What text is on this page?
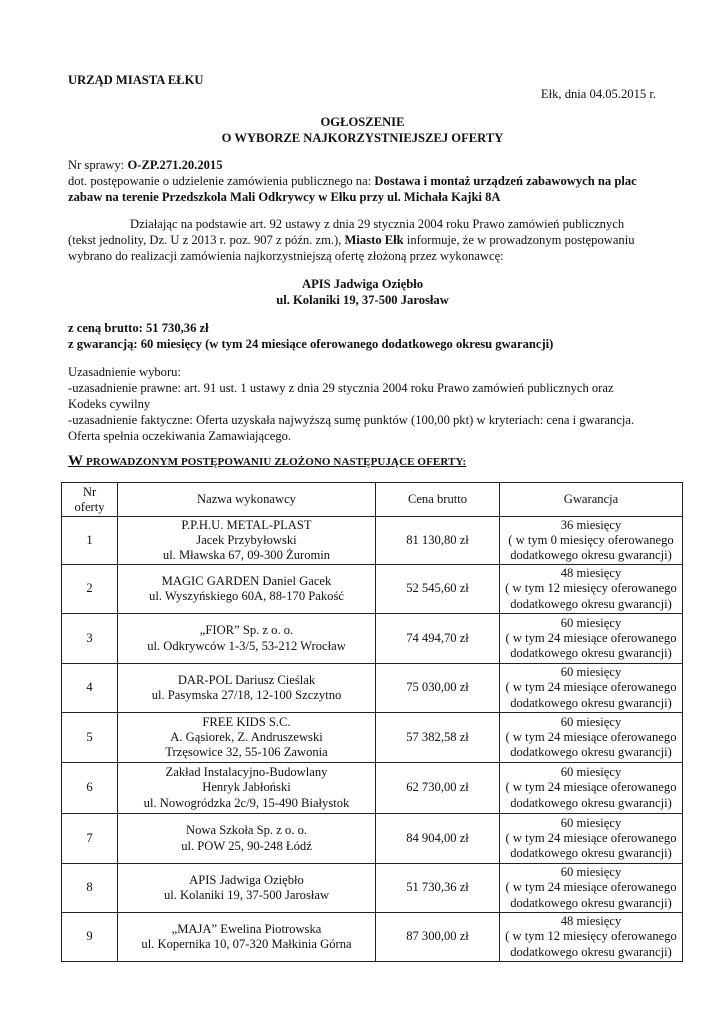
URZĄD MIASTA EŁKU
Ełk, dnia 04.05.2015 r.
OGŁOSZENIE
O WYBORZE NAJKORZYSTNIEJSZEJ OFERTY
Nr sprawy: O-ZP.271.20.2015
dot. postępowanie o udzielenie zamówienia publicznego na: Dostawa i montaż urządzeń zabawowych na plac
zabaw na terenie Przedszkola Mali Odkrywcy w Ełku przy ul. Michała Kajki 8A
Działając na podstawie art. 92 ustawy z dnia 29 stycznia 2004 roku Prawo zamówień publicznych
(tekst jednolity, Dz. U z 2013 r. poz. 907 z późn. zm.), Miasto Ełk informuje, że w prowadzonym postępowaniu
wybrano do realizacji zamówienia najkorzystniejszą ofertę złożoną przez wykonawcę:
APIS Jadwiga Oziębło
ul. Kolaniki 19, 37-500 Jarosław
z ceną brutto: 51 730,36 zł
z gwarancją: 60 miesięcy (w tym 24 miesiące oferowanego dodatkowego okresu gwarancji)
Uzasadnienie wyboru:
-uzasadnienie prawne: art. 91 ust. 1 ustawy z dnia 29 stycznia 2004 roku Prawo zamówień publicznych oraz
Kodeks cywilny
-uzasadnienie faktyczne: Oferta uzyskała najwyższą sumę punktów (100,00 pkt) w kryteriach: cena i gwarancja.
Oferta spełnia oczekiwania Zamawiającego.
W PROWADZONYM POSTĘPOWANIU ZŁOŻONO NASTĘPUJĄCE OFERTY:
Nr oferty	Nazwa wykonawcy	Cena brutto	Gwarancja
1	P.P.H.U. METAL-PLAST
Jacek Przybyłowski
ul. Mławska 67, 09-300 Żuromin	81 130,80 zł	36 miesięcy
( w tym 0 miesięcy oferowanego
dodatkowego okresu gwarancji)

2	MAGIC GARDEN Daniel Gacek
ul. Wyszyńskiego 60A, 88-170 Pakość	52 545,60 zł	48 miesięcy
( w tym 12 miesięcy oferowanego
dodatkowego okresu gwarancji)

3	„FIOR” Sp. z o. o.
ul. Odkrywców 1-3/5, 53-212 Wrocław	74 494,70 zł	60 miesięcy
( w tym 24 miesiące oferowanego
dodatkowego okresu gwarancji)

4	DAR-POL Dariusz Cieślak
ul. Pasymska 27/18, 12-100 Szczytno	75 030,00 zł	60 miesięcy
( w tym 24 miesiące oferowanego
dodatkowego okresu gwarancji)

5	FREE KIDS S.C.
A. Gąsiorek, Z. Andruszewski
Trzęsowice 32, 55-106 Zawonia	57 382,58 zł	60 miesięcy
( w tym 24 miesiące oferowanego
dodatkowego okresu gwarancji)

6	Zakład Instalacyjno-Budowlany
Henryk Jabłoński
ul. Nowogródzka 2c/9, 15-490 Białystok	62 730,00 zł	60 miesięcy
( w tym 24 miesiące oferowanego
dodatkowego okresu gwarancji)

7	Nowa Szkoła Sp. z o. o.
ul. POW 25, 90-248 Łódź	84 904,00 zł	60 miesięcy
( w tym 24 miesiące oferowanego
dodatkowego okresu gwarancji)

8	APIS Jadwiga Oziębło
ul. Kolaniki 19, 37-500 Jarosław	51 730,36 zł	60 miesięcy
( w tym 24 miesiące oferowanego
dodatkowego okresu gwarancji)

9	„MAJA” Ewelina Piotrowska
ul. Kopernika 10, 07-320 Małkinia Górna	87 300,00 zł	48 miesięcy
( w tym 12 miesięcy oferowanego
dodatkowego okresu gwarancji)
